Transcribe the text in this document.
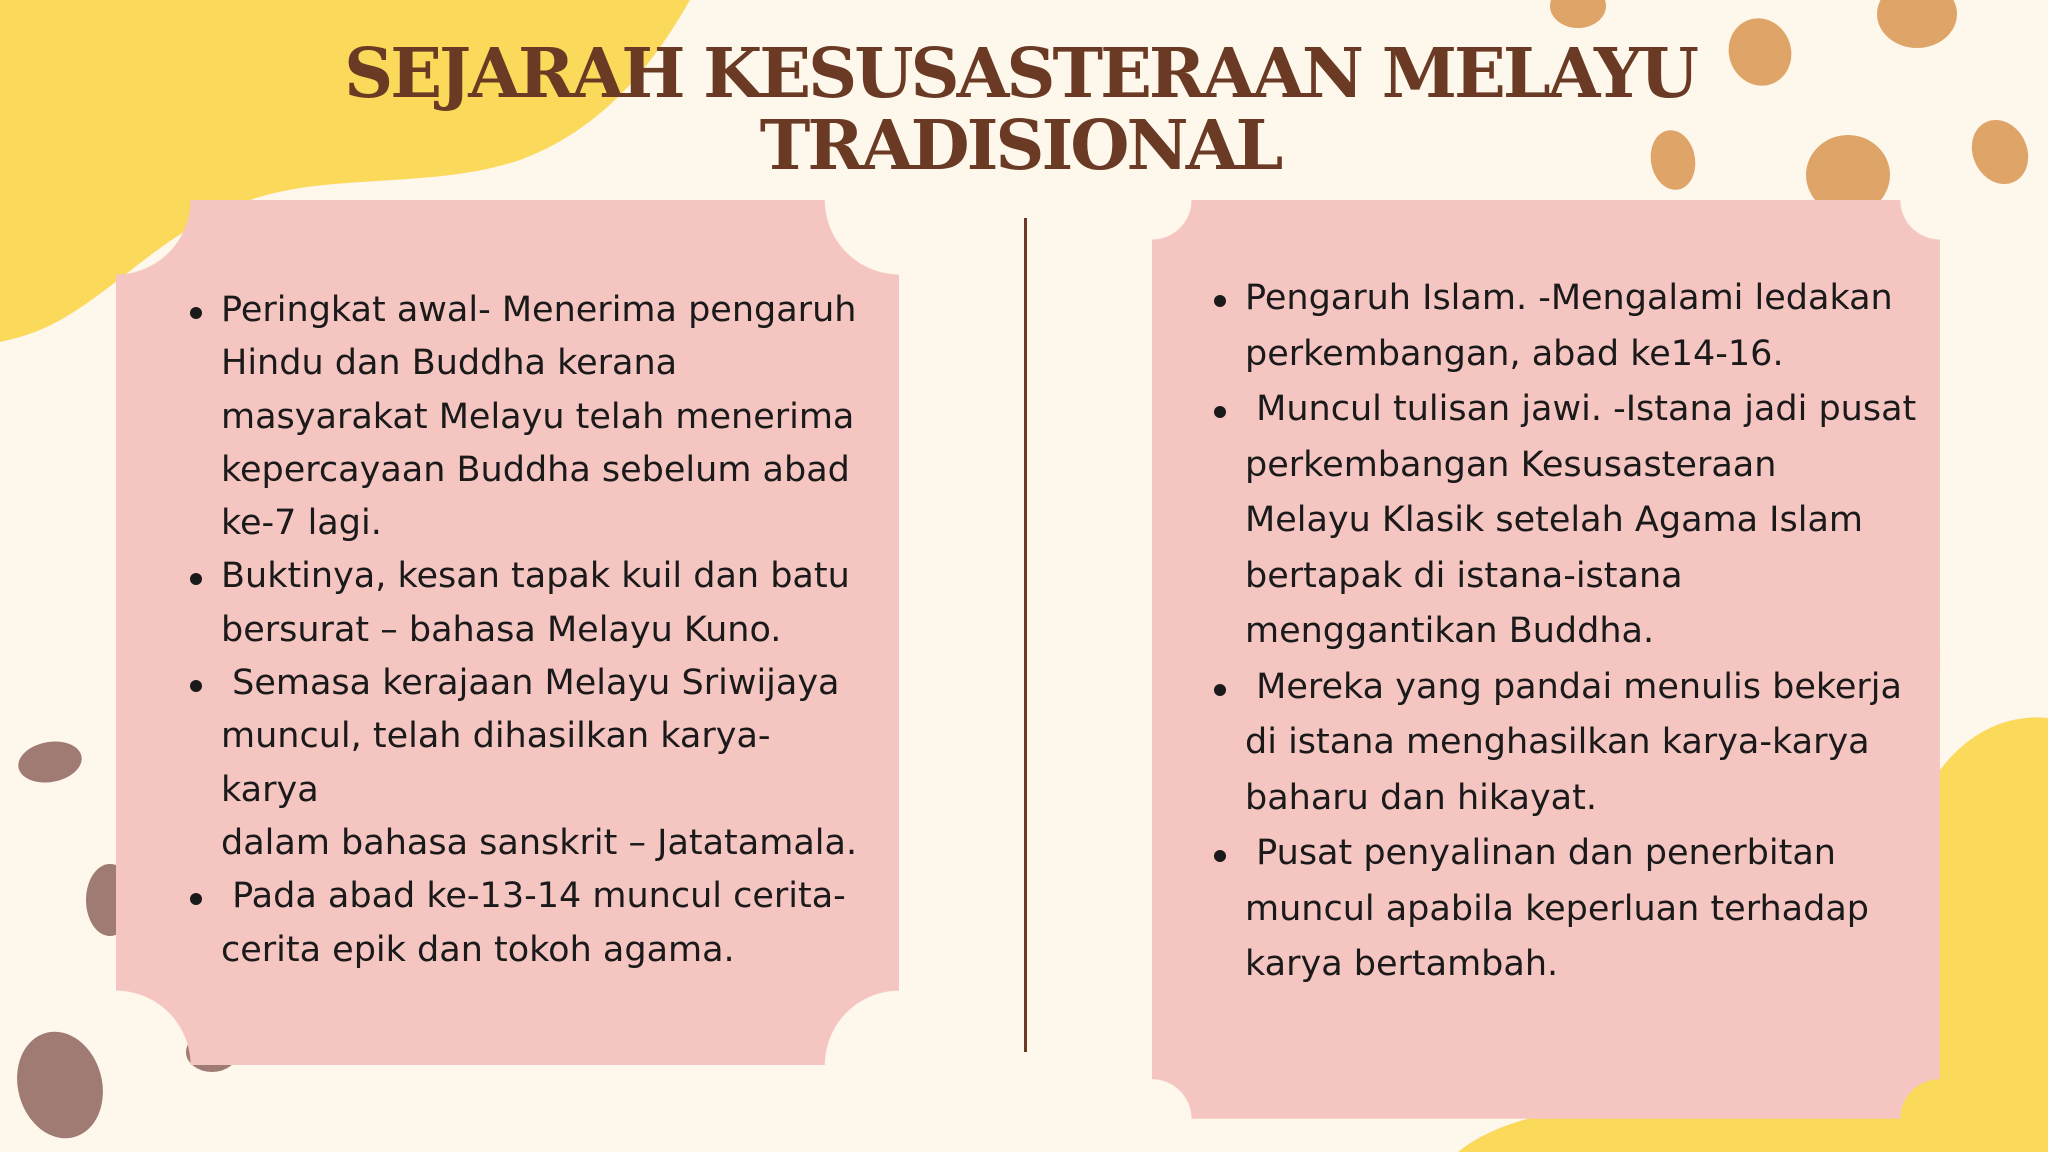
SEJARAH KESUSASTERAAN MELAYU
TRADISIONAL
Peringkat awal- Menerima pengaruh
Hindu dan Buddha kerana
masyarakat Melayu telah menerima
kepercayaan Buddha sebelum abad
ke-7 lagi.
Buktinya, kesan tapak kuil dan batu
bersurat – bahasa Melayu Kuno.
Semasa kerajaan Melayu Sriwijaya
muncul, telah dihasilkan karya-karya
dalam bahasa sanskrit – Jatatamala.
Pada abad ke-13-14 muncul cerita-
cerita epik dan tokoh agama.
Pengaruh Islam. -Mengalami ledakan
perkembangan, abad ke14-16.
Muncul tulisan jawi. -Istana jadi pusat
perkembangan Kesusasteraan
Melayu Klasik setelah Agama Islam
bertapak di istana-istana
menggantikan Buddha.
Mereka yang pandai menulis bekerja
di istana menghasilkan karya-karya
baharu dan hikayat.
Pusat penyalinan dan penerbitan
muncul apabila keperluan terhadap
karya bertambah.
